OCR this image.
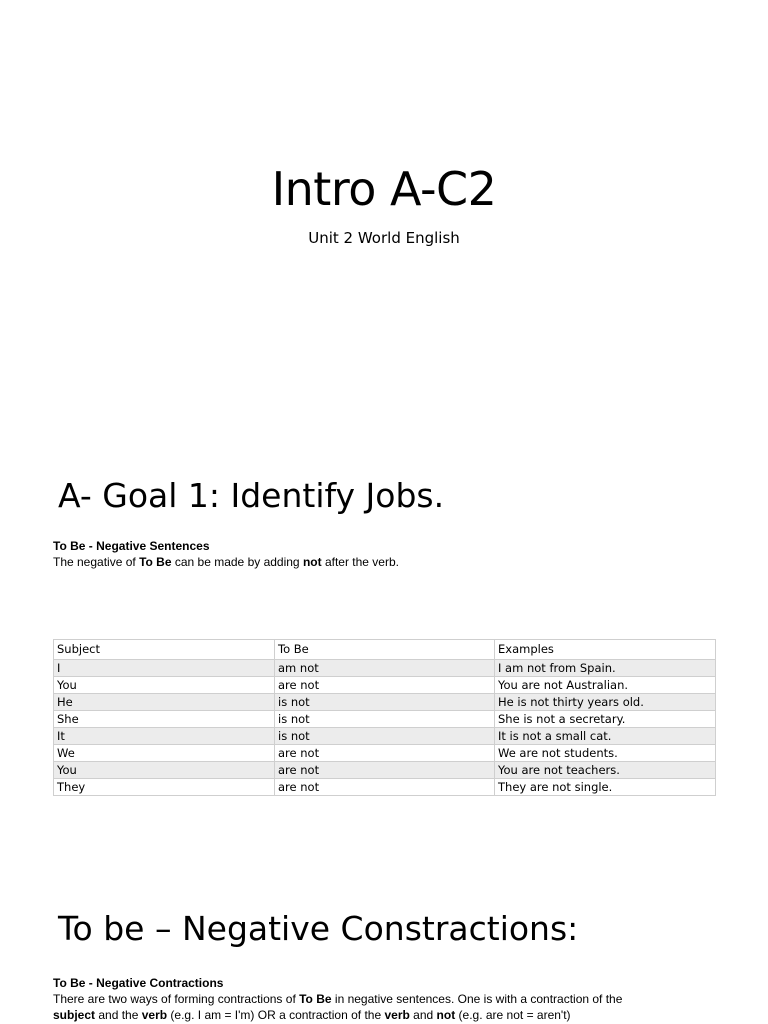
Intro A-C2

Unit 2 World English

A- Goal 1: Identify Jobs.
To Be - Negative Sentences
The negative of To Be can be made by adding not after the verb.
Subject	To Be	Examples
I	am not	I am not from Spain.
You	are not	You are not Australian.
He	is not	He is not thirty years old.
She	is not	She is not a secretary.
It	is not	It is not a small cat.
We	are not	We are not students.
You	are not	You are not teachers.
They	are not	They are not single.
To be – Negative Constractions:
To Be - Negative Contractions
There are two ways of forming contractions of To Be in negative sentences. One is with a contraction of the subject and the verb (e.g. I am = I'm) OR a contraction of the verb and not (e.g. are not = aren't)
